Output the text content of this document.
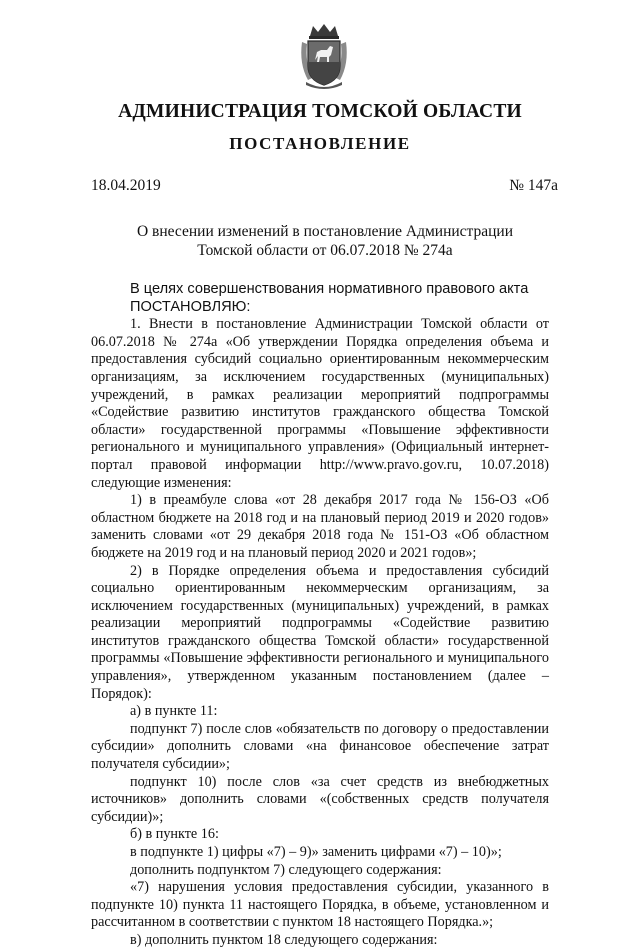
АДМИНИСТРАЦИЯ ТОМСКОЙ ОБЛАСТИ
ПОСТАНОВЛЕНИЕ
18.04.2019	№ 147а
О внесении изменений в постановление Администрации
Томской области от 06.07.2018 № 274а

В целях совершенствования нормативного правового акта

ПОСТАНОВЛЯЮ:

1. Внести в постановление Администрации Томской области от 06.07.2018 № 274а «Об утверждении Порядка определения объема и предоставления субсидий социально ориентированным некоммерческим организациям, за исключением государственных (муниципальных) учреждений, в рамках реализации мероприятий подпрограммы «Содействие развитию институтов гражданского общества Томской области» государственной программы «Повышение эффективности регионального и муниципального управления» (Официальный интернет-портал правовой информации http://www.pravo.gov.ru, 10.07.2018) следующие изменения:

1) в преамбуле слова «от 28 декабря 2017 года № 156-ОЗ «Об областном бюджете на 2018 год и на плановый период 2019 и 2020 годов» заменить словами «от 29 декабря 2018 года № 151-ОЗ «Об областном бюджете на 2019 год и на плановый период 2020 и 2021 годов»;

2) в Порядке определения объема и предоставления субсидий социально ориентированным некоммерческим организациям, за исключением государственных (муниципальных) учреждений, в рамках реализации мероприятий подпрограммы «Содействие развитию институтов гражданского общества Томской области» государственной программы «Повышение эффективности регионального и муниципального управления», утвержденном указанным постановлением (далее – Порядок):

а) в пункте 11:

подпункт 7) после слов «обязательств по договору о предоставлении субсидии» дополнить словами «на финансовое обеспечение затрат получателя субсидии»;

подпункт 10) после слов «за счет средств из внебюджетных источников» дополнить словами «(собственных средств получателя субсидии)»;

б) в пункте 16:

в подпункте 1) цифры «7) – 9)» заменить цифрами «7) – 10)»;

дополнить подпунктом 7) следующего содержания:

«7) нарушения условия предоставления субсидии, указанного в подпункте 10) пункта 11 настоящего Порядка, в объеме, установленном и рассчитанном в соответствии с пунктом 18 настоящего Порядка.»;

в) дополнить пунктом 18 следующего содержания:
